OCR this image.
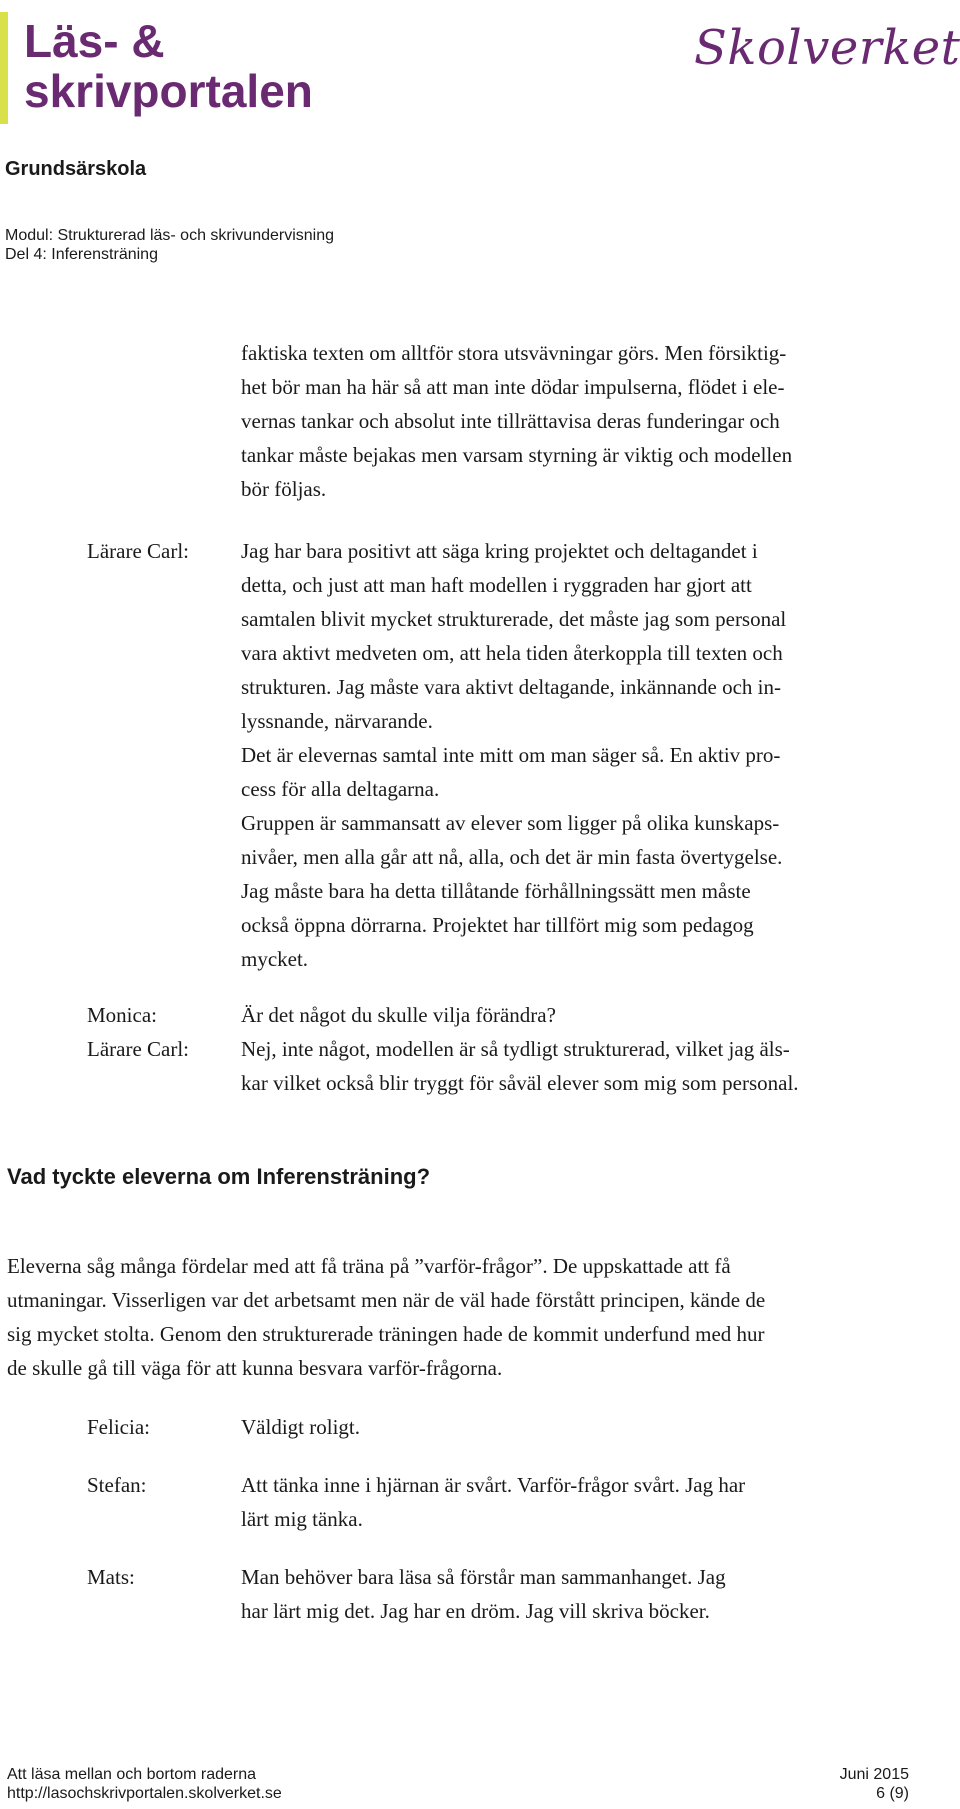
Läs- &
skrivportalen
Skolverket
Grundsärskola
Modul: Strukturerad läs- och skrivundervisning
Del 4: Inferensträning
faktiska texten om alltför stora utsvävningar görs. Men försiktig-
het bör man ha här så att man inte dödar impulserna, flödet i ele-
vernas tankar och absolut inte tillrättavisa deras funderingar och
tankar måste bejakas men varsam styrning är viktig och modellen
bör följas.
Lärare Carl: Jag har bara positivt att säga kring projektet och deltagandet i
detta, och just att man haft modellen i ryggraden har gjort att
samtalen blivit mycket strukturerade, det måste jag som personal
vara aktivt medveten om, att hela tiden återkoppla till texten och
strukturen. Jag måste vara aktivt deltagande, inkännande och in-
lyssnande, närvarande.
Det är elevernas samtal inte mitt om man säger så. En aktiv pro-
cess för alla deltagarna.
Gruppen är sammansatt av elever som ligger på olika kunskaps-
nivåer, men alla går att nå, alla, och det är min fasta övertygelse.
Jag måste bara ha detta tillåtande förhållningssätt men måste
också öppna dörrarna. Projektet har tillfört mig som pedagog
mycket.
Monica:	Är det något du skulle vilja förändra?
Lärare Carl: Nej, inte något, modellen är så tydligt strukturerad, vilket jag äls-
kar vilket också blir tryggt för såväl elever som mig som personal.
Vad tyckte eleverna om Inferensträning?
Eleverna såg många fördelar med att få träna på ”varför-frågor”. De uppskattade att få
utmaningar. Visserligen var det arbetsamt men när de väl hade förstått principen, kände de
sig mycket stolta. Genom den strukturerade träningen hade de kommit underfund med hur
de skulle gå till väga för att kunna besvara varför-frågorna.
Felicia:	Väldigt roligt.
Stefan:	Att tänka inne i hjärnan är svårt. Varför-frågor svårt. Jag har
lärt mig tänka.
Mats:	Man behöver bara läsa så förstår man sammanhanget. Jag
har lärt mig det. Jag har en dröm. Jag vill skriva böcker.
Att läsa mellan och bortom raderna
http://lasochskrivportalen.skolverket.se
Juni 2015
6 (9)
